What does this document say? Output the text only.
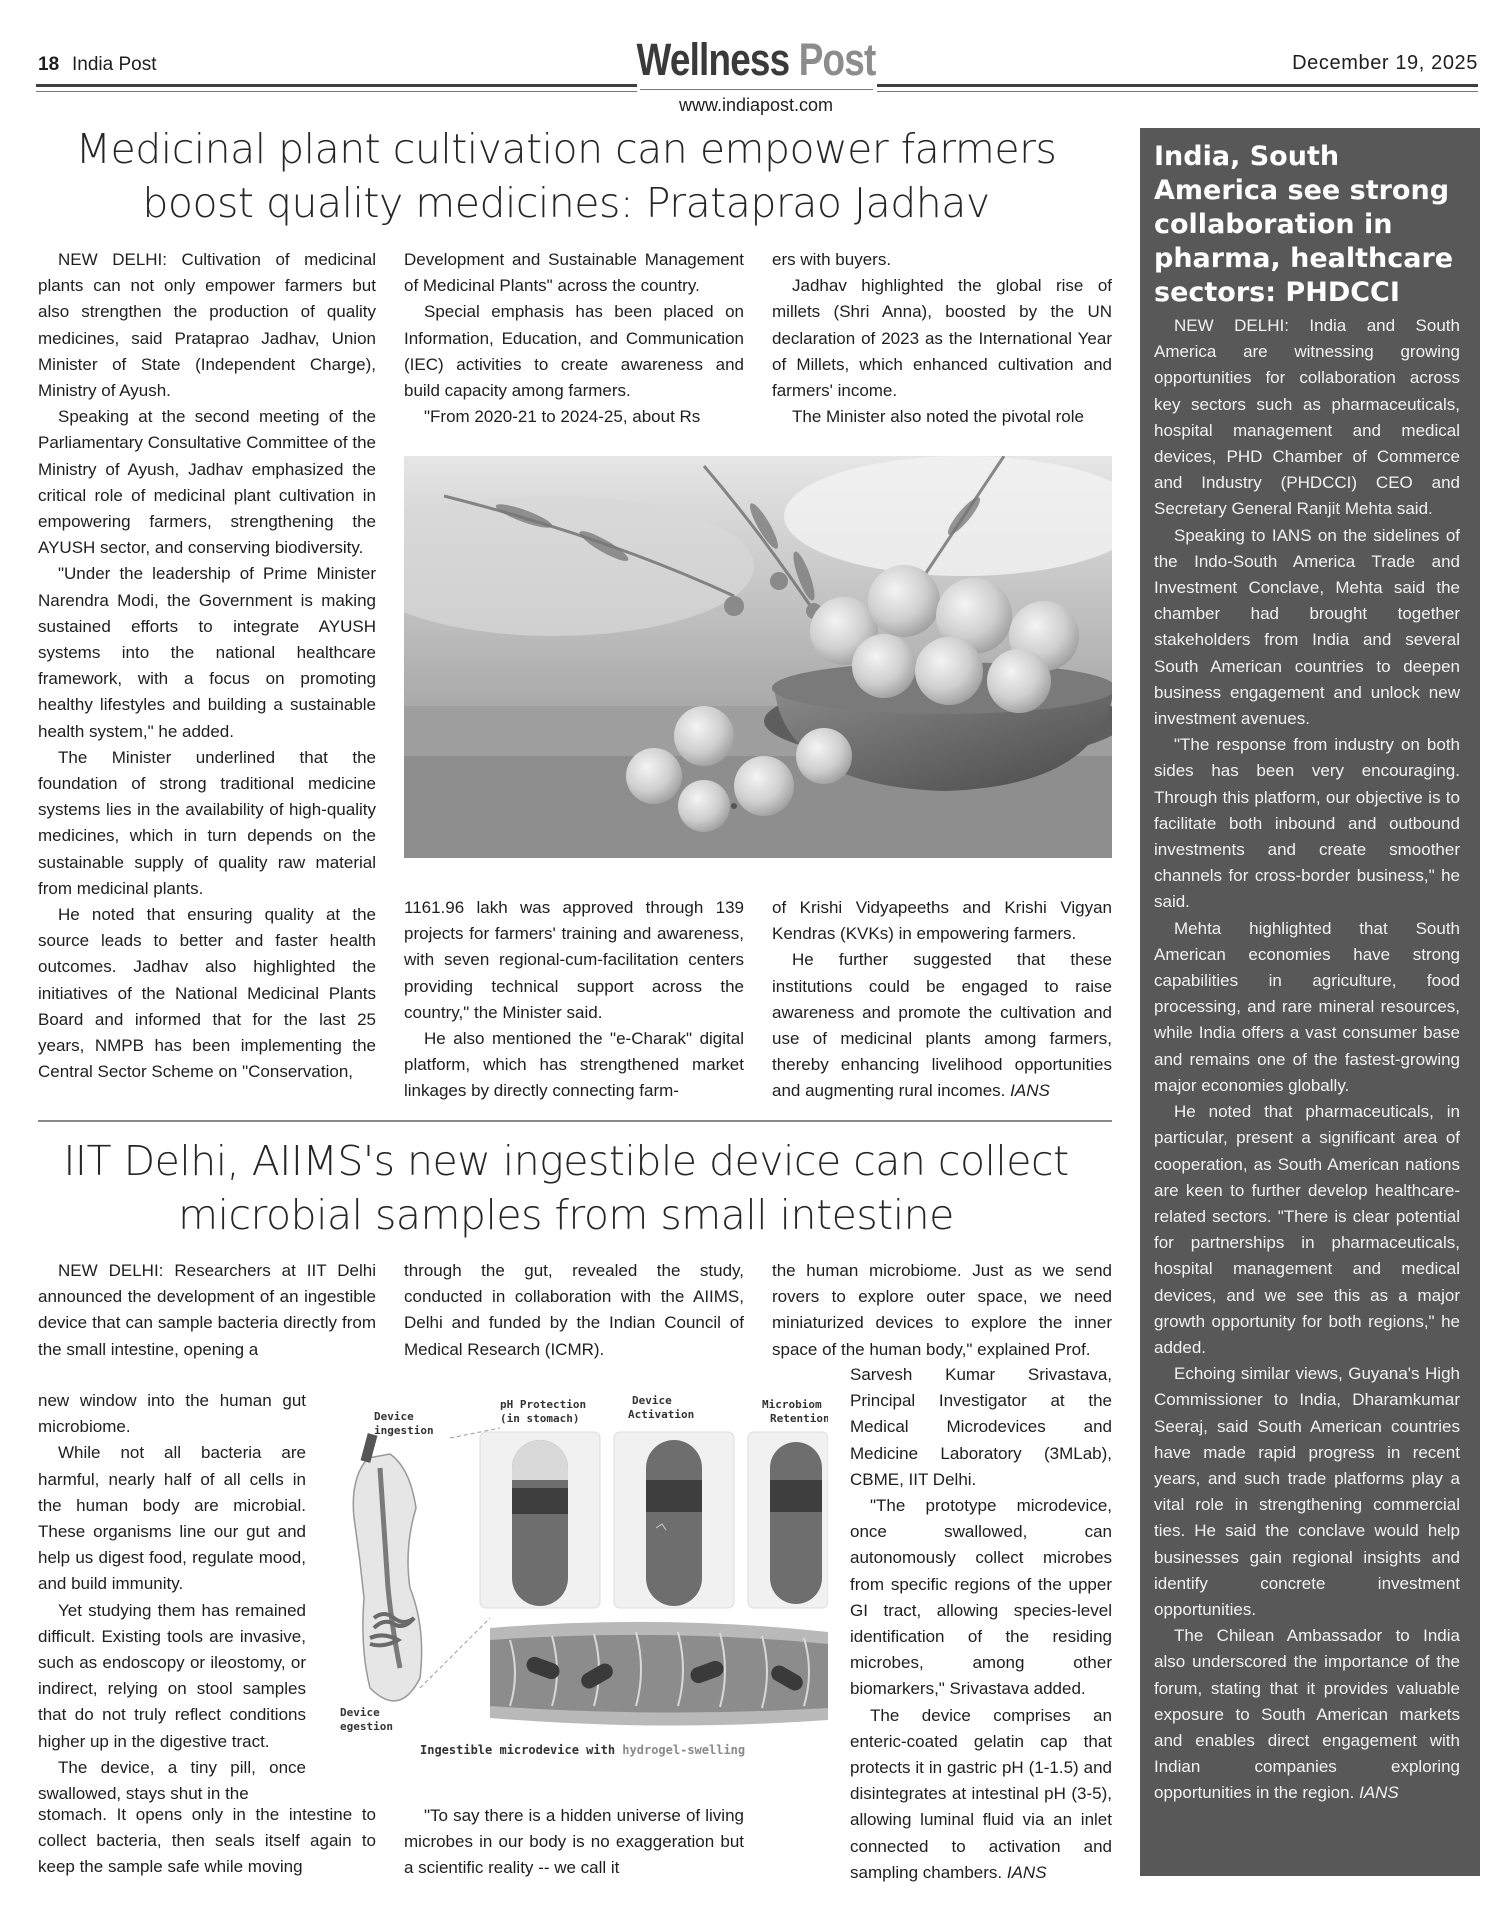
18 India Post	Wellness Post	December 19, 2025
www.indiapost.com
Medicinal plant cultivation can empower farmers
boost quality medicines: Prataprao Jadhav

NEW DELHI: Cultivation of medicinal plants can not only empower farmers but also strengthen the production of quality medicines, said Prataprao Jadhav, Union Minister of State (Independent Charge), Ministry of Ayush.

Speaking at the second meeting of the Parliamentary Consultative Committee of the Ministry of Ayush, Jadhav emphasized the critical role of medicinal plant cultivation in empowering farmers, strengthening the AYUSH sector, and conserving biodiversity.

"Under the leadership of Prime Minister Narendra Modi, the Government is making sustained efforts to integrate AYUSH systems into the national healthcare framework, with a focus on promoting healthy lifestyles and building a sustainable health system," he added.

The Minister underlined that the foundation of strong traditional medicine systems lies in the availability of high-quality medicines, which in turn depends on the sustainable supply of quality raw material from medicinal plants.

He noted that ensuring quality at the source leads to better and faster health outcomes. Jadhav also highlighted the initiatives of the National Medicinal Plants Board and informed that for the last 25 years, NMPB has been implementing the Central Sector Scheme on "Conservation,

Development and Sustainable Management of Medicinal Plants" across the country.

Special emphasis has been placed on Information, Education, and Communication (IEC) activities to create awareness and build capacity among farmers.

"From 2020-21 to 2024-25, about Rs

ers with buyers.

Jadhav highlighted the global rise of millets (Shri Anna), boosted by the UN declaration of 2023 as the International Year of Millets, which enhanced cultivation and farmers' income.

The Minister also noted the pivotal role

1161.96 lakh was approved through 139 projects for farmers' training and awareness, with seven regional-cum-facilitation centers providing technical support across the country," the Minister said.

He also mentioned the "e-Charak" digital platform, which has strengthened market linkages by directly connecting farm-

of Krishi Vidyapeeths and Krishi Vigyan Kendras (KVKs) in empowering farmers.

He further suggested that these institutions could be engaged to raise awareness and promote the cultivation and use of medicinal plants among farmers, thereby enhancing livelihood opportunities and augmenting rural incomes. IANS

IIT Delhi, AIIMS's new ingestible device can collect
microbial samples from small intestine

NEW DELHI: Researchers at IIT Delhi announced the development of an ingestible device that can sample bacteria directly from the small intestine, opening a

new window into the human gut microbiome.

While not all bacteria are harmful, nearly half of all cells in the human body are microbial. These organisms line our gut and help us digest food, regulate mood, and build immunity.

Yet studying them has remained difficult. Existing tools are invasive, such as endoscopy or ileostomy, or indirect, relying on stool samples that do not truly reflect conditions higher up in the digestive tract.

The device, a tiny pill, once swallowed, stays shut in the

stomach. It opens only in the intestine to collect bacteria, then seals itself again to keep the sample safe while moving

through the gut, revealed the study, conducted in collaboration with the AIIMS, Delhi and funded by the Indian Council of Medical Research (ICMR).

"To say there is a hidden universe of living microbes in our body is no exaggeration but a scientific reality -- we call it

the human microbiome. Just as we send rovers to explore outer space, we need miniaturized devices to explore the inner space of the human body," explained Prof.

Sarvesh Kumar Srivastava, Principal Investigator at the Medical Microdevices and Medicine Laboratory (3MLab), CBME, IIT Delhi.

"The prototype microdevice, once swallowed, can autonomously collect microbes from specific regions of the upper GI tract, allowing species-level identification of the residing microbes, among other biomarkers," Srivastava added.

The device comprises an enteric-coated gelatin cap that protects it in gastric pH (1-1.5) and disintegrates at intestinal pH (3-5), allowing luminal fluid via an inlet connected to activation and sampling chambers. IANS

Device
ingestion
Device
egestion
pH Protection
(in stomach)
Device
Activation
Microbiom
Retention
Ingestible microdevice with hydrogel-swelling
India, South America see strong collaboration in pharma, healthcare sectors: PHDCCI

NEW DELHI: India and South America are witnessing growing opportunities for collaboration across key sectors such as pharmaceuticals, hospital management and medical devices, PHD Chamber of Commerce and Industry (PHDCCI) CEO and Secretary General Ranjit Mehta said.

Speaking to IANS on the sidelines of the Indo-South America Trade and Investment Conclave, Mehta said the chamber had brought together stakeholders from India and several South American countries to deepen business engagement and unlock new investment avenues.

"The response from industry on both sides has been very encouraging. Through this platform, our objective is to facilitate both inbound and outbound investments and create smoother channels for cross-border business," he said.

Mehta highlighted that South American economies have strong capabilities in agriculture, food processing, and rare mineral resources, while India offers a vast consumer base and remains one of the fastest-growing major economies globally.

He noted that pharmaceuticals, in particular, present a significant area of cooperation, as South American nations are keen to further develop healthcare-related sectors. "There is clear potential for partnerships in pharmaceuticals, hospital management and medical devices, and we see this as a major growth opportunity for both regions," he added.

Echoing similar views, Guyana's High Commissioner to India, Dharamkumar Seeraj, said South American countries have made rapid progress in recent years, and such trade platforms play a vital role in strengthening commercial ties. He said the conclave would help businesses gain regional insights and identify concrete investment opportunities.

The Chilean Ambassador to India also underscored the importance of the forum, stating that it provides valuable exposure to South American markets and enables direct engagement with Indian companies exploring opportunities in the region. IANS
